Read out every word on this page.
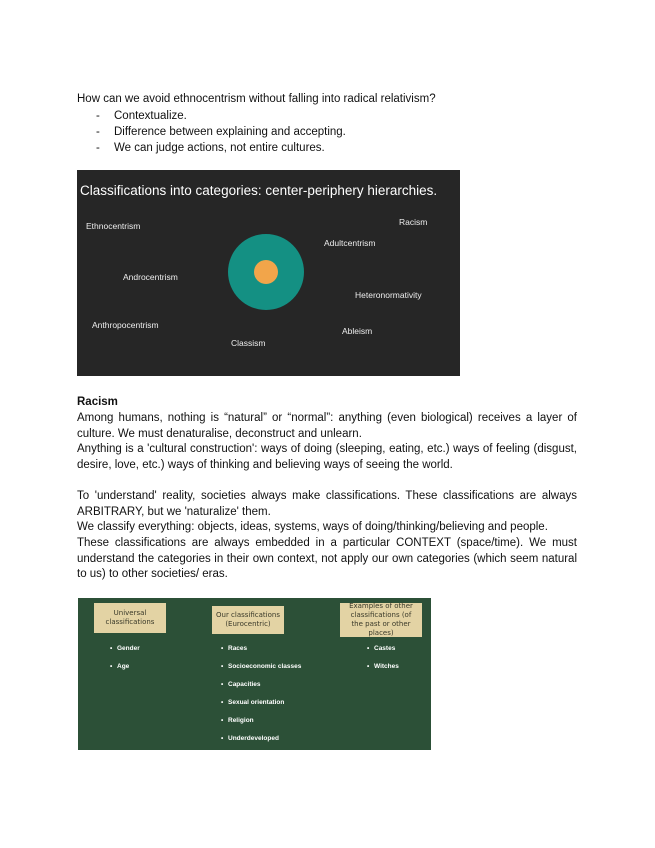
How can we avoid ethnocentrism without falling into radical relativism?
- Contextualize.
- Difference between explaining and accepting.
- We can judge actions, not entire cultures.
Classifications into categories: center-periphery hierarchies.
Ethnocentrism	Racism
Adultcentrism
Androcentrism
Heteronormativity
Anthropocentrism
Ableism
Classism
Racism

Among humans, nothing is “natural” or “normal”: anything (even biological) receives a layer of culture. We must denaturalise, deconstruct and unlearn.

Anything is a 'cultural construction': ways of doing (sleeping, eating, etc.) ways of feeling (disgust, desire, love, etc.) ways of thinking and believing ways of seeing the world.

To 'understand' reality, societies always make classifications. These classifications are always ARBITRARY, but we 'naturalize' them.

We classify everything: objects, ideas, systems, ways of doing/thinking/believing and people.

These classifications are always embedded in a particular CONTEXT (space/time). We must understand the categories in their own context, not apply our own categories (which seem natural to us) to other societies/ eras.

Universal classifications
Our classifications (Eurocentric)
Examples of other classifications (of the past or other places)
• Gender
• Age
• Races
• Socioeconomic classes
• Capacities
• Sexual orientation
• Religion
• Underdeveloped
• Castes
• Witches
